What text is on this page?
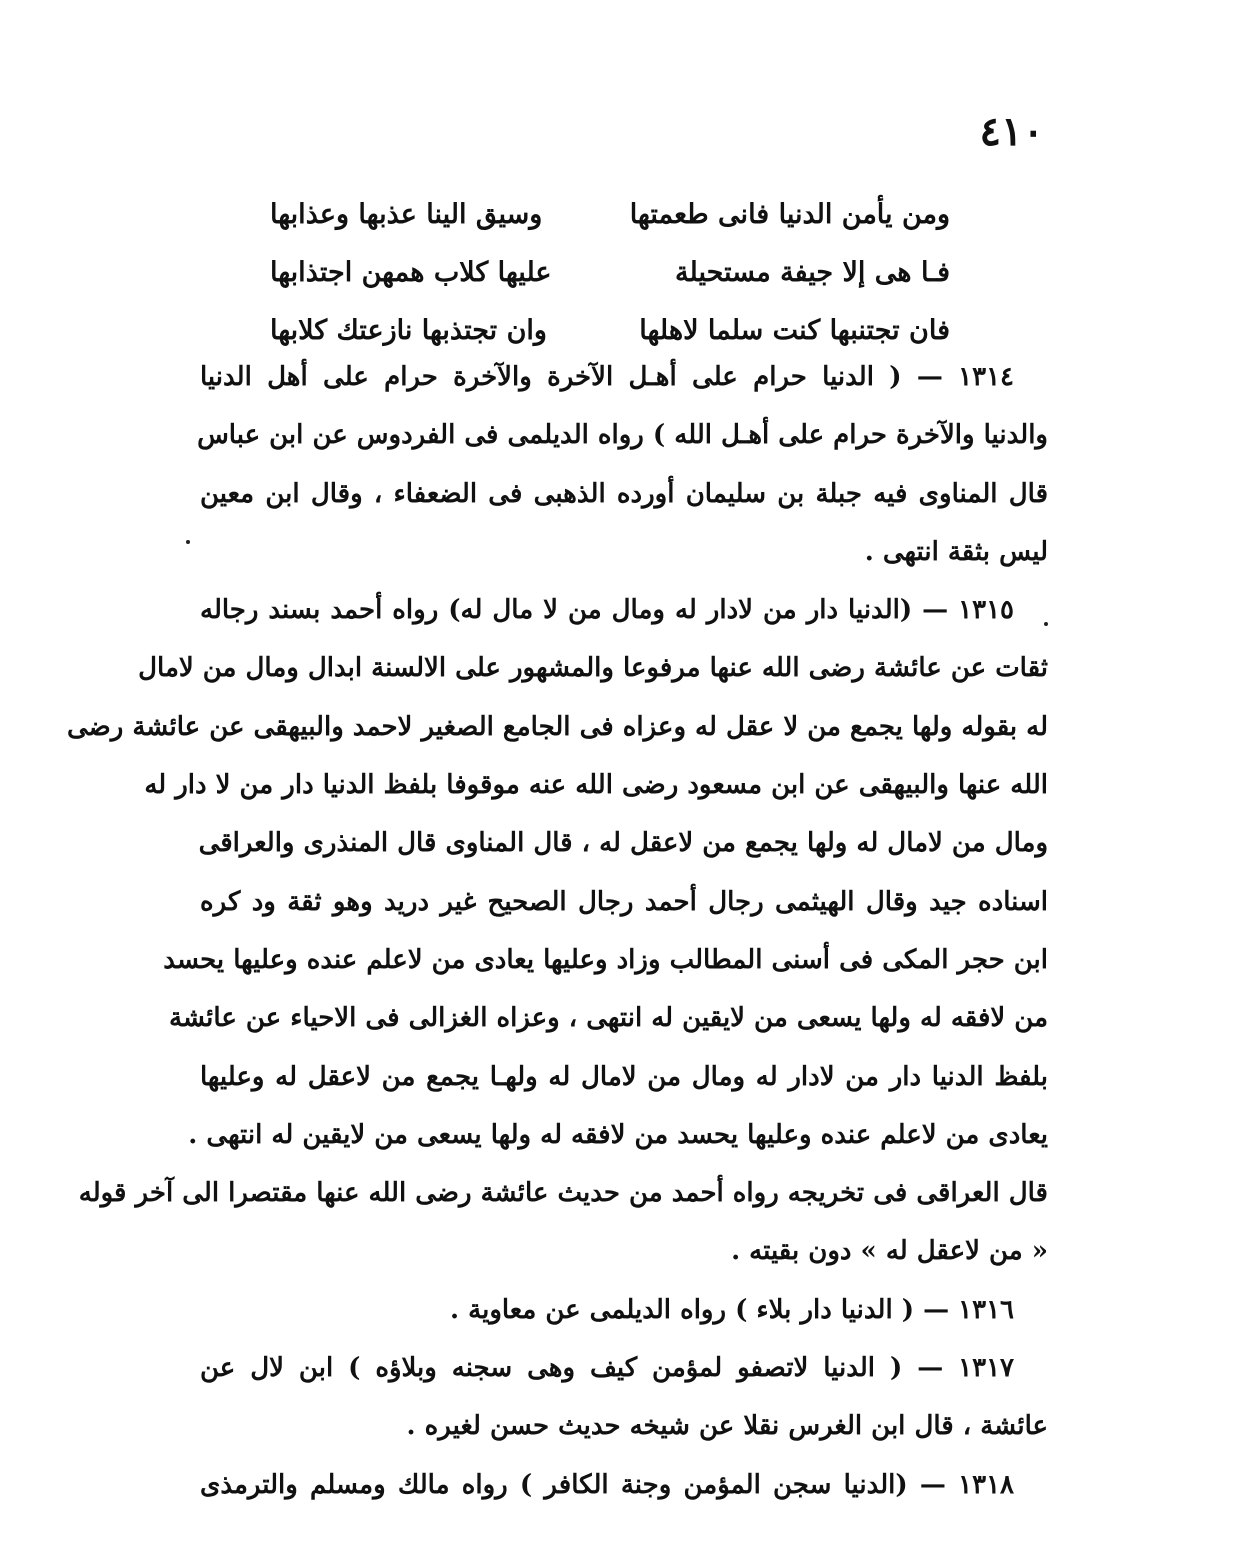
٤١٠
ومن يأمن الدنيا فانى طعمتها
وسيق الينا عذبها وعذابها
فـا هى إلا جيفة مستحيلة
عليها كلاب همهن اجتذابها
فان تجتنبها كنت سلما لاهلها
وان تجتذبها نازعتك كلابها

١٣١٤ — ( الدنيا حرام على أهـل الآخرة والآخرة حرام على أهل الدنيا
والدنيا والآخرة حرام على أهـل الله ) رواه الديلمى فى الفردوس عن ابن عباس
قال المناوى فيه جبلة بن سليمان أورده الذهبى فى الضعفاء ، وقال ابن معين
ليس بثقة انتهى .

١٣١٥ — (الدنيا دار من لادار له ومال من لا مال له) رواه أحمد بسند رجاله
ثقات عن عائشة رضى الله عنها مرفوعا والمشهور على الالسنة ابدال ومال من لامال
له بقوله ولها يجمع من لا عقل له وعزاه فى الجامع الصغير لاحمد والبيهقى عن عائشة رضى
الله عنها والبيهقى عن ابن مسعود رضى الله عنه موقوفا بلفظ الدنيا دار من لا دار له
ومال من لامال له ولها يجمع من لاعقل له ، قال المناوى قال المنذرى والعراقى
اسناده جيد وقال الهيثمى رجال أحمد رجال الصحيح غير دريد وهو ثقة ود كره
ابن حجر المكى فى أسنى المطالب وزاد وعليها يعادى من لاعلم عنده وعليها يحسد
من لافقه له ولها يسعى من لايقين له انتهى ، وعزاه الغزالى فى الاحياء عن عائشة
بلفظ الدنيا دار من لادار له ومال من لامال له ولهـا يجمع من لاعقل له وعليها
يعادى من لاعلم عنده وعليها يحسد من لافقه له ولها يسعى من لايقين له انتهى .
قال العراقى فى تخريجه رواه أحمد من حديث عائشة رضى الله عنها مقتصرا الى آخر قوله
« من لاعقل له » دون بقيته .

١٣١٦ — ( الدنيا دار بلاء ) رواه الديلمى عن معاوية .

١٣١٧ — ( الدنيا لاتصفو لمؤمن كيف وهى سجنه وبلاؤه ) ابن لال عن
عائشة ، قال ابن الغرس نقلا عن شيخه حديث حسن لغيره .

١٣١٨ — (الدنيا سجن المؤمن وجنة الكافر ) رواه مالك ومسلم والترمذى
